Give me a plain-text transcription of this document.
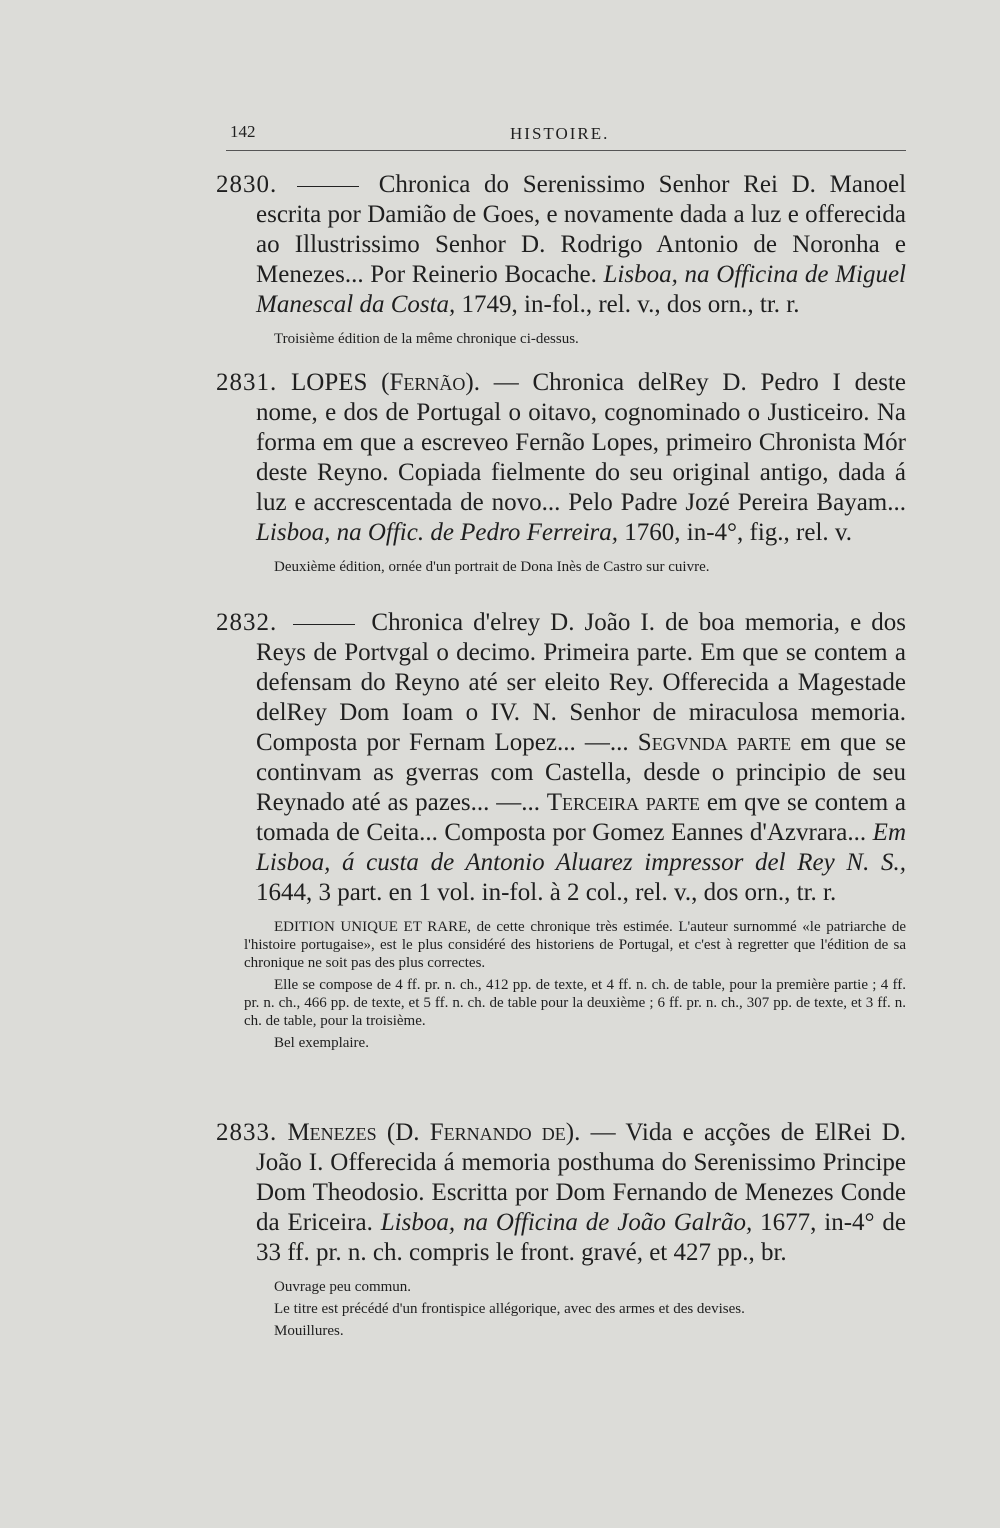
142	HISTOIRE.
2830.	Chronica do Serenissimo Senhor Rei D. Manoel escrita por Damião de Goes, e novamente dada a luz e offerecida ao Illustrissimo Senhor D. Rodrigo Antonio de Noronha e Menezes... Por Reinerio Bocache. Lisboa, na Officina de Miguel Manescal da Costa, 1749, in-fol., rel. v., dos orn., tr. r.

Troisième édition de la même chronique ci-dessus.

2831. LOPES (Fernão). — Chronica delRey D. Pedro I deste nome, e dos de Portugal o oitavo, cognominado o Justiceiro. Na forma em que a escreveo Fernão Lopes, primeiro Chronista Mór deste Reyno. Copiada fielmente do seu original antigo, dada á luz e accrescentada de novo... Pelo Padre Jozé Pereira Bayam... Lisboa, na Offic. de Pedro Ferreira, 1760, in-4°, fig., rel. v.

Deuxième édition, ornée d'un portrait de Dona Inès de Castro sur cuivre.

2832.	Chronica d'elrey D. João I. de boa memoria, e dos Reys de Portvgal o decimo. Primeira parte. Em que se contem a defensam do Reyno até ser eleito Rey. Offerecida a Magestade delRey Dom Ioam o IV. N. Senhor de miraculosa memoria. Composta por Fernam Lopez... —... Segvnda parte em que se continvam as gverras com Castella, desde o principio de seu Reynado até as pazes... —... Terceira parte em qve se contem a tomada de Ceita... Composta por Gomez Eannes d'Azvrara... Em Lisboa, á custa de Antonio Aluarez impressor del Rey N. S., 1644, 3 part. en 1 vol. in-fol. à 2 col., rel. v., dos orn., tr. r.

EDITION UNIQUE ET RARE, de cette chronique très estimée. L'auteur surnommé «le patriarche de l'histoire portugaise», est le plus considéré des historiens de Portugal, et c'est à regretter que l'édition de sa chronique ne soit pas des plus correctes.

Elle se compose de 4 ff. pr. n. ch., 412 pp. de texte, et 4 ff. n. ch. de table, pour la première partie ; 4 ff. pr. n. ch., 466 pp. de texte, et 5 ff. n. ch. de table pour la deuxième ; 6 ff. pr. n. ch., 307 pp. de texte, et 3 ff. n. ch. de table, pour la troisième.

Bel exemplaire.

2833. Menezes (D. Fernando de). — Vida e acções de ElRei D. João I. Offerecida á memoria posthuma do Serenissimo Principe Dom Theodosio. Escritta por Dom Fernando de Menezes Conde da Ericeira. Lisboa, na Officina de João Galrão, 1677, in-4° de 33 ff. pr. n. ch. compris le front. gravé, et 427 pp., br.

Ouvrage peu commun.

Le titre est précédé d'un frontispice allégorique, avec des armes et des devises.

Mouillures.
